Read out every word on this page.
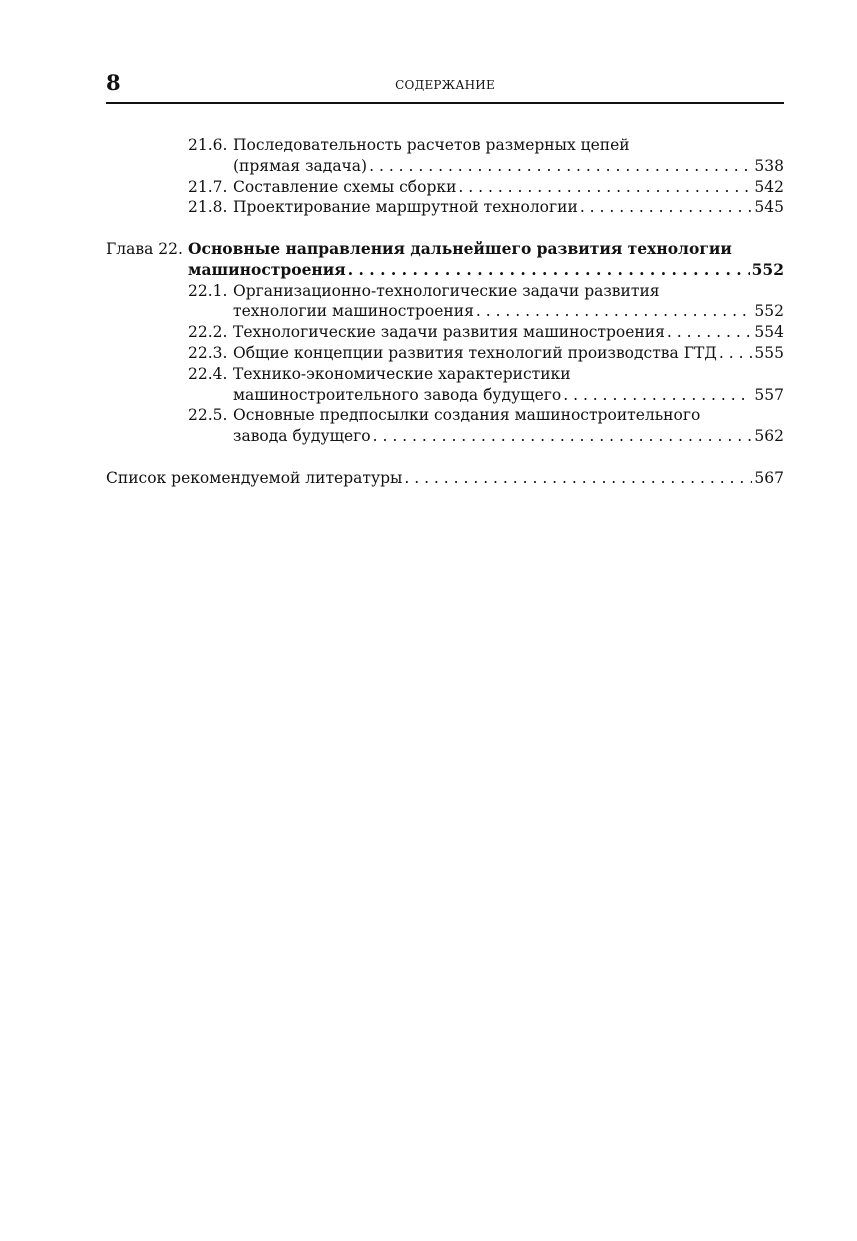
8	СОДЕРЖАНИЕ
21.6. Последовательность расчетов размерных цепей
(прямая задача) . . .	538
21.7. Составление схемы сборки . . .	542
21.8. Проектирование маршрутной технологии . . .	545
Глава 22. Основные направления дальнейшего развития технологии
машиностроения . . .	552
22.1. Организационно-технологические задачи развития
технологии машиностроения . . .	552
22.2. Технологические задачи развития машиностроения . . .	554
22.3. Общие концепции развития технологий производства ГТД . . . 555
22.4. Технико-экономические характеристики
машиностроительного завода будущего . . .	557
22.5. Основные предпосылки создания машиностроительного
завода будущего . . .	562
Список рекомендуемой литературы . . .	567
